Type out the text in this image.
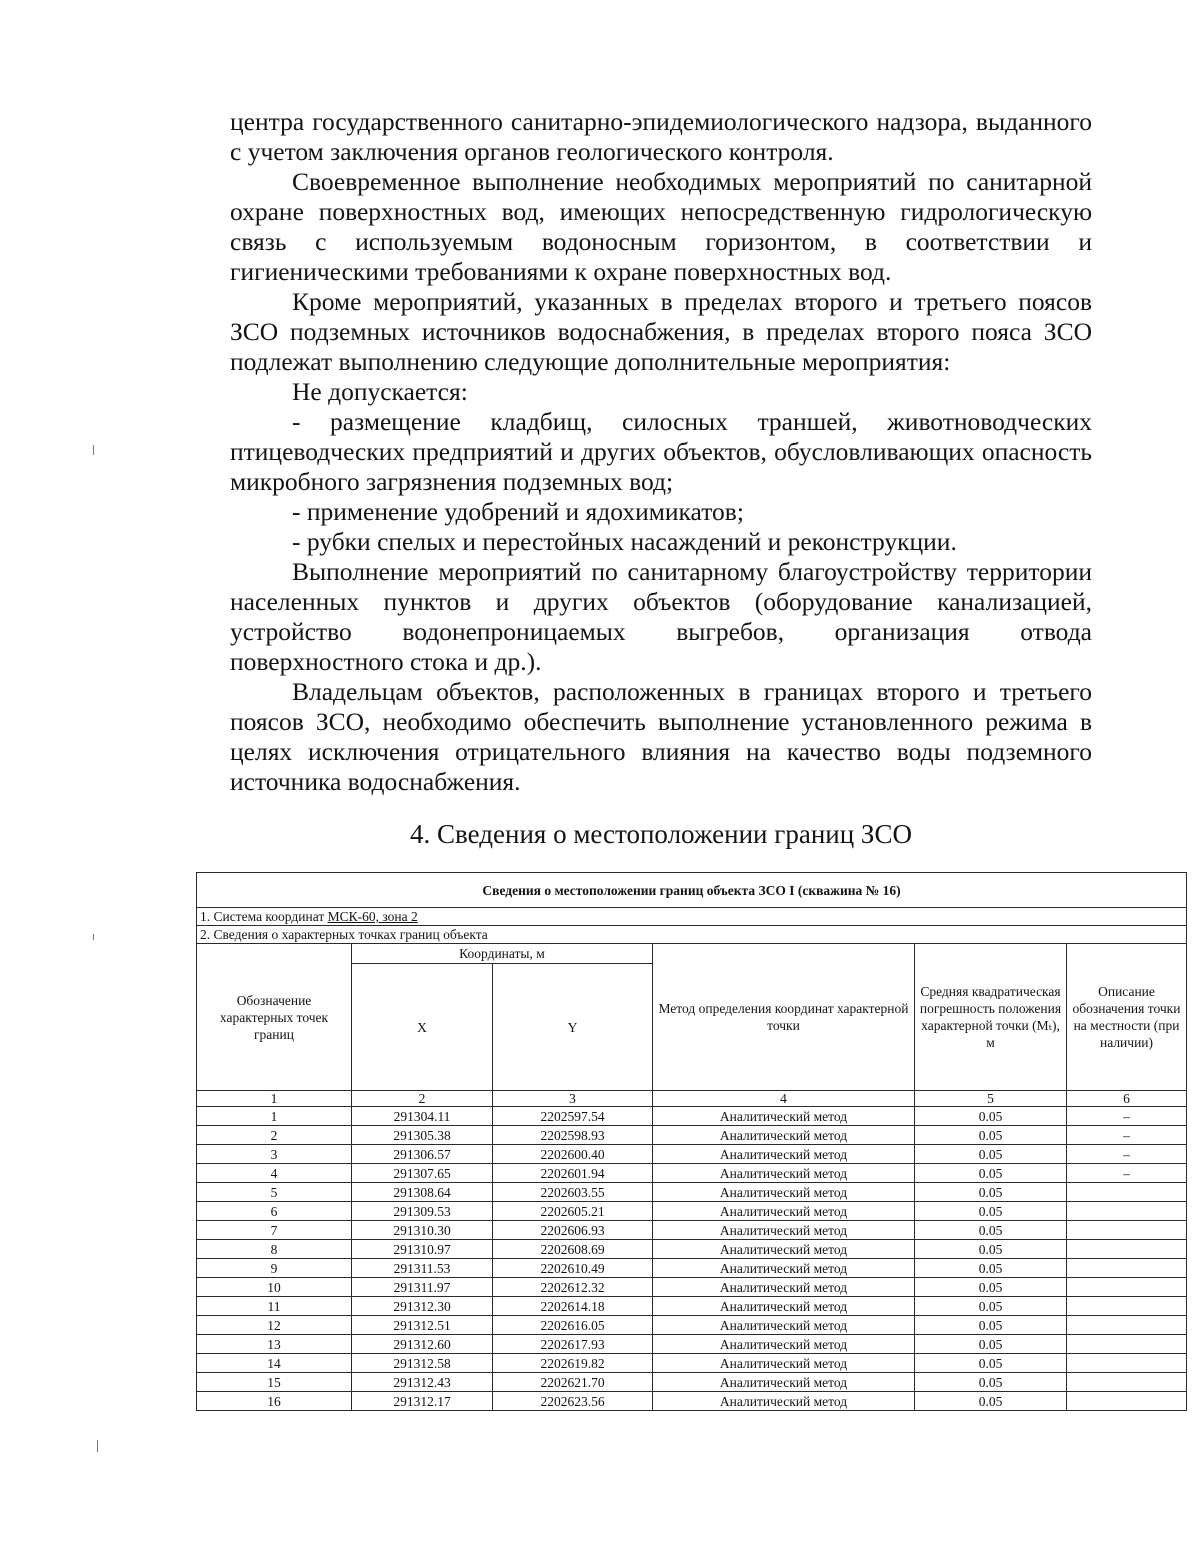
центра государственного санитарно-эпидемиологического надзора, выданного с учетом заключения органов геологического контроля.

Своевременное выполнение необходимых мероприятий по санитарной охране поверхностных вод, имеющих непосредственную гидрологическую связь с используемым водоносным горизонтом, в соответствии и гигиеническими требованиями к охране поверхностных вод.

Кроме мероприятий, указанных в пределах второго и третьего поясов ЗСО подземных источников водоснабжения, в пределах второго пояса ЗСО подлежат выполнению следующие дополнительные мероприятия:

Не допускается:

- размещение кладбищ, силосных траншей, животноводческих птицеводческих предприятий и других объектов, обусловливающих опасность микробного загрязнения подземных вод;

- применение удобрений и ядохимикатов;

- рубки спелых и перестойных насаждений и реконструкции.

Выполнение мероприятий по санитарному благоустройству территории населенных пунктов и других объектов (оборудование канализацией, устройство водонепроницаемых выгребов, организация отвода поверхностного стока и др.).

Владельцам объектов, расположенных в границах второго и третьего поясов ЗСО, необходимо обеспечить выполнение установленного режима в целях исключения отрицательного влияния на качество воды подземного источника водоснабжения.

4. Сведения о местоположении границ ЗСО
Сведения о местоположении границ объекта ЗСО I (скважина № 16)					
1. Система координат МСК-60, зона 2					
2. Сведения о характерных точках границ объекта					
Обозначение характерных точек границ	Координаты, м		Метод определения координат характерной точки	Средняя квадратическая погрешность положения характерной точки (Mₜ), м	Описание обозначения точки на местности (при наличии)
	X	Y			
1	2	3	4	5	6
1	291304.11	2202597.54	Аналитический метод	0.05	–
2	291305.38	2202598.93	Аналитический метод	0.05	–
3	291306.57	2202600.40	Аналитический метод	0.05	–
4	291307.65	2202601.94	Аналитический метод	0.05	–
5	291308.64	2202603.55	Аналитический метод	0.05	
6	291309.53	2202605.21	Аналитический метод	0.05	
7	291310.30	2202606.93	Аналитический метод	0.05	
8	291310.97	2202608.69	Аналитический метод	0.05	
9	291311.53	2202610.49	Аналитический метод	0.05	
10	291311.97	2202612.32	Аналитический метод	0.05	
11	291312.30	2202614.18	Аналитический метод	0.05	
12	291312.51	2202616.05	Аналитический метод	0.05	
13	291312.60	2202617.93	Аналитический метод	0.05	
14	291312.58	2202619.82	Аналитический метод	0.05	
15	291312.43	2202621.70	Аналитический метод	0.05	
16	291312.17	2202623.56	Аналитический метод	0.05	
